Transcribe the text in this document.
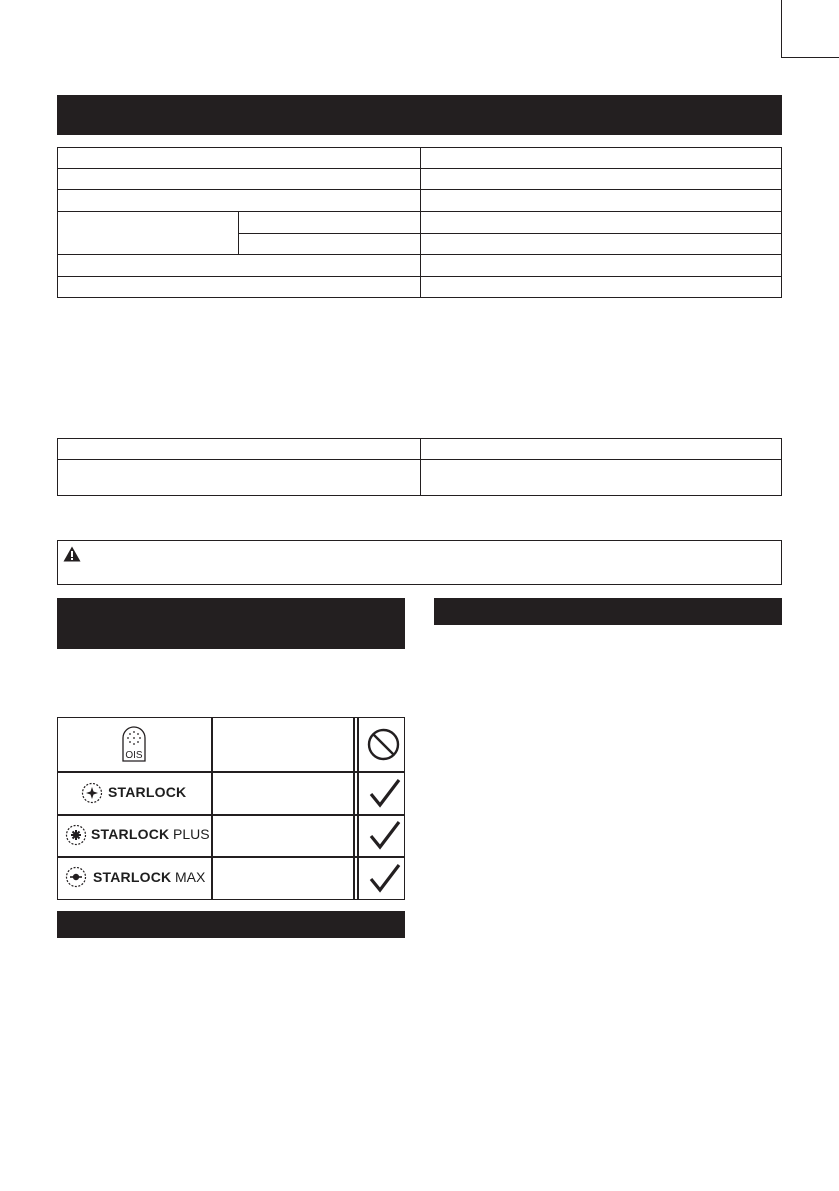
OIS
STARLOCK
STARLOCK PLUS
STARLOCK MAX
